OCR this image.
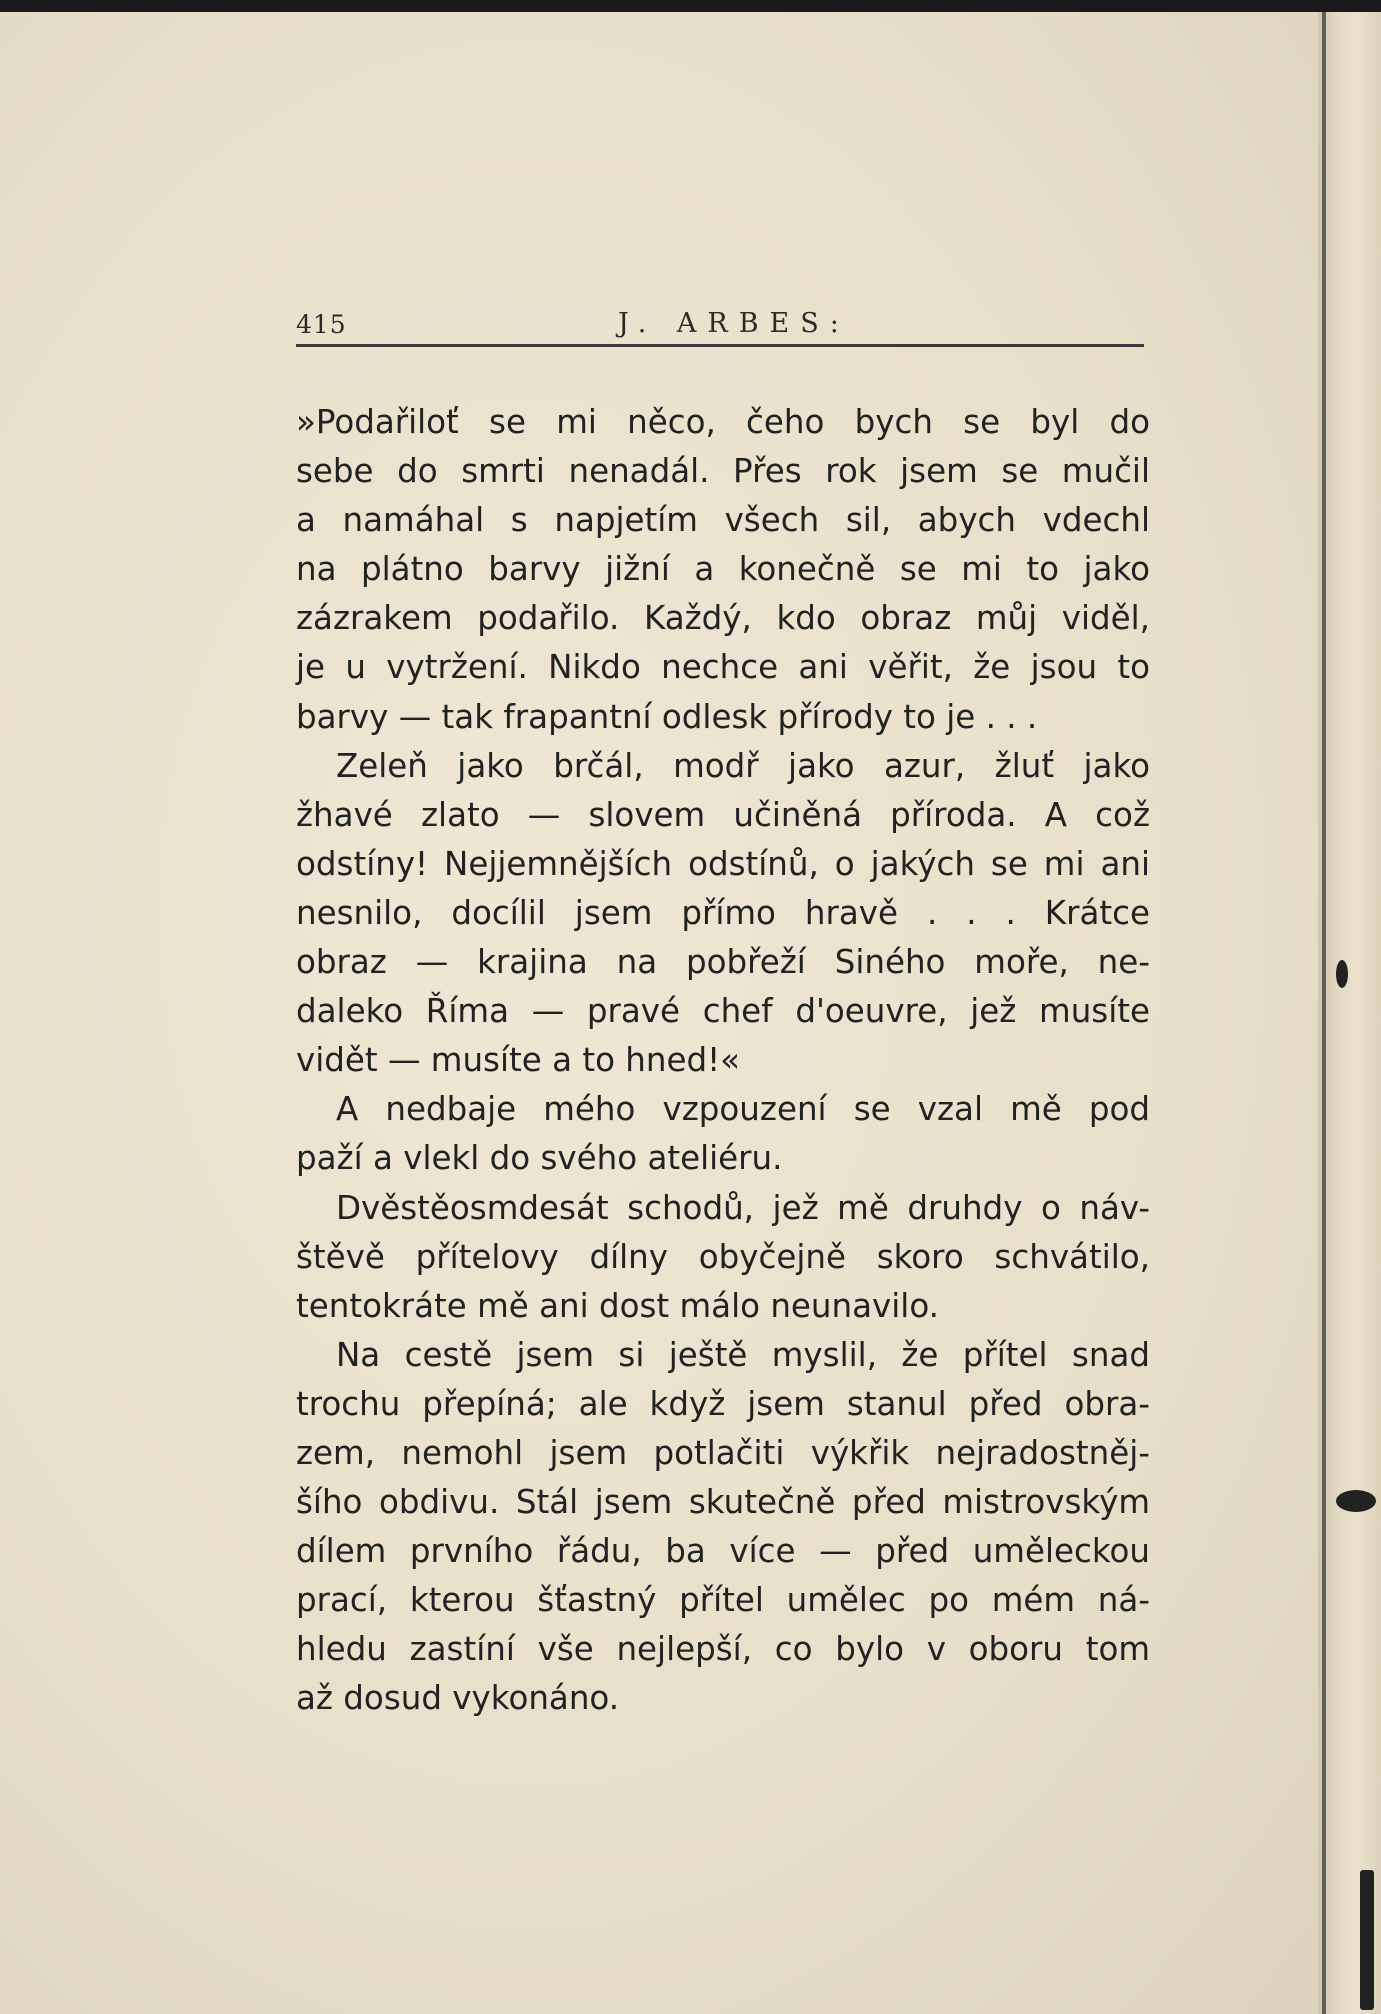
415	J. ARBES:
»Podařiloť se mi něco, čeho bych se byl do
sebe do smrti nenadál. Přes rok jsem se mučil
a namáhal s napjetím všech sil, abych vdechl
na plátno barvy jižní a konečně se mi to jako
zázrakem podařilo. Každý, kdo obraz můj viděl,
je u vytržení. Nikdo nechce ani věřit, že jsou to
barvy — tak frapantní odlesk přírody to je . . .
Zeleň jako brčál, modř jako azur, žluť jako
žhavé zlato — slovem učiněná příroda. A což
odstíny! Nejjemnějších odstínů, o jakých se mi ani
nesnilo, docílil jsem přímo hravě . . . Krátce
obraz — krajina na pobřeží Siného moře, ne-
daleko Říma — pravé chef d'oeuvre, jež musíte
vidět — musíte a to hned!«
A nedbaje mého vzpouzení se vzal mě pod
paží a vlekl do svého ateliéru.
Dvěstěosmdesát schodů, jež mě druhdy o náv-
štěvě přítelovy dílny obyčejně skoro schvátilo,
tentokráte mě ani dost málo neunavilo.
Na cestě jsem si ještě myslil, že přítel snad
trochu přepíná; ale když jsem stanul před obra-
zem, nemohl jsem potlačiti výkřik nejradostněj-
šího obdivu. Stál jsem skutečně před mistrovským
dílem prvního řádu, ba více — před uměleckou
prací, kterou šťastný přítel umělec po mém ná-
hledu zastíní vše nejlepší, co bylo v oboru tom
až dosud vykonáno.
